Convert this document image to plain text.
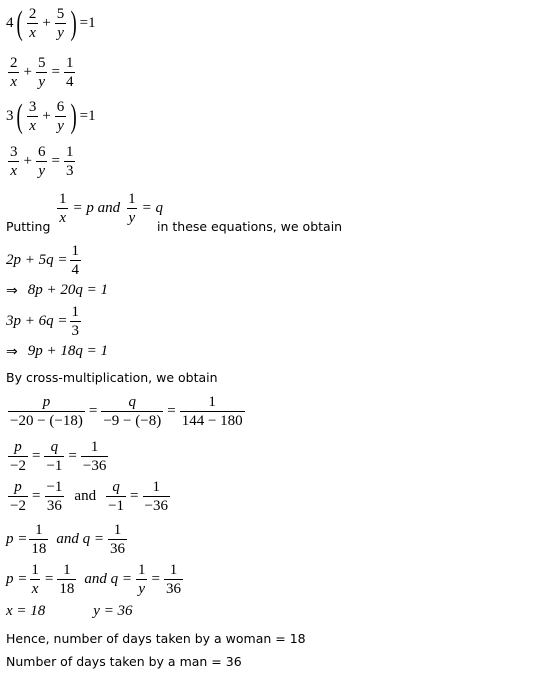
4 ( $\frac{2}{x} + \frac{5}{y}$ ) =1
$\frac{2}{x} + \frac{5}{y} = \frac{1}{4}$
3 ( $\frac{3}{x} + \frac{6}{y}$ ) =1
$\frac{3}{x} + \frac{6}{y} = \frac{1}{3}$
Putting
$\frac{1}{x} = p$ and $\frac{1}{y} = q$
in these equations, we obtain
$2p + 5q = \frac{1}{4}$
⇒ 8p + 20q = 1
$3p + 6q = \frac{1}{3}$
⇒ 9p + 18q = 1
By cross-multiplication, we obtain
$\frac{p}{-20 - (-18)} = \frac{q}{-9 - (-8)} = \frac{1}{144 - 180}$
$\frac{p}{-2} = \frac{q}{-1} = \frac{1}{-36}$
$\frac{p}{-2} = \frac{-1}{36}$ and $\frac{q}{-1} = \frac{1}{-36}$
$p = \frac{1}{18}$ and $q = \frac{1}{36}$
$p = \frac{1}{x} = \frac{1}{18}$ and $q = \frac{1}{y} = \frac{1}{36}$
x = 18	y = 36
Hence, number of days taken by a woman = 18
Number of days taken by a man = 36
